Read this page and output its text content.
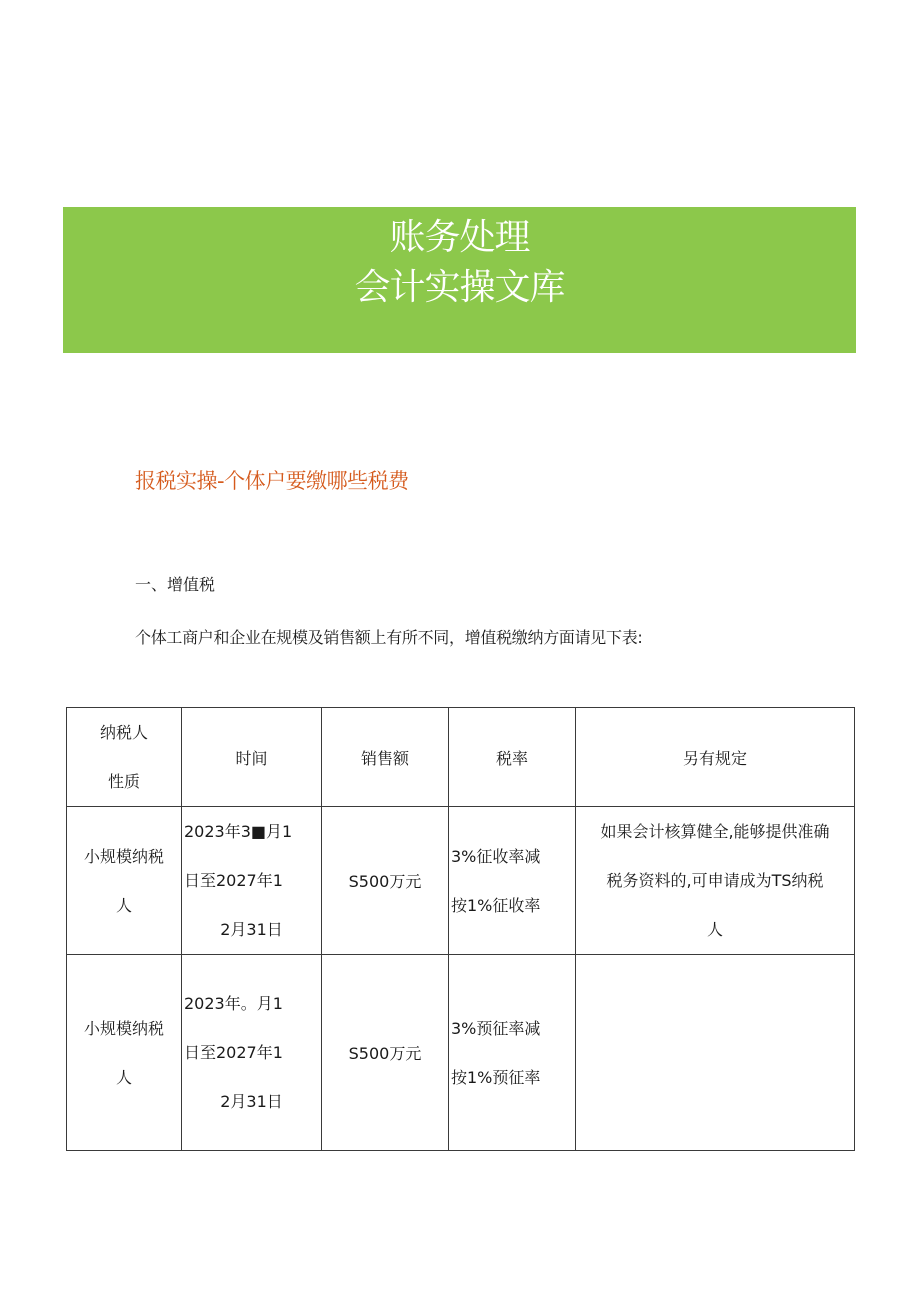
账务处理
会计实操文库
报税实操-个体户要缴哪些税费
一、增值税

个体工商户和企业在规模及销售额上有所不同，增值税缴纳方面请见下表:

纳税人
性质	时间	销售额	税率	另有规定

小规模纳税
人	2023年3■月1
日至2027年1
2月31日	S500万元	3%征收率减
按1%征收率	如果会计核算健全,能够提供准确
税务资料的,可申请成为TS纳税
人

小规模纳税
人	2023年。月1
日至2027年1
2月31日	S500万元	3%预征率减
按1%预征率	
